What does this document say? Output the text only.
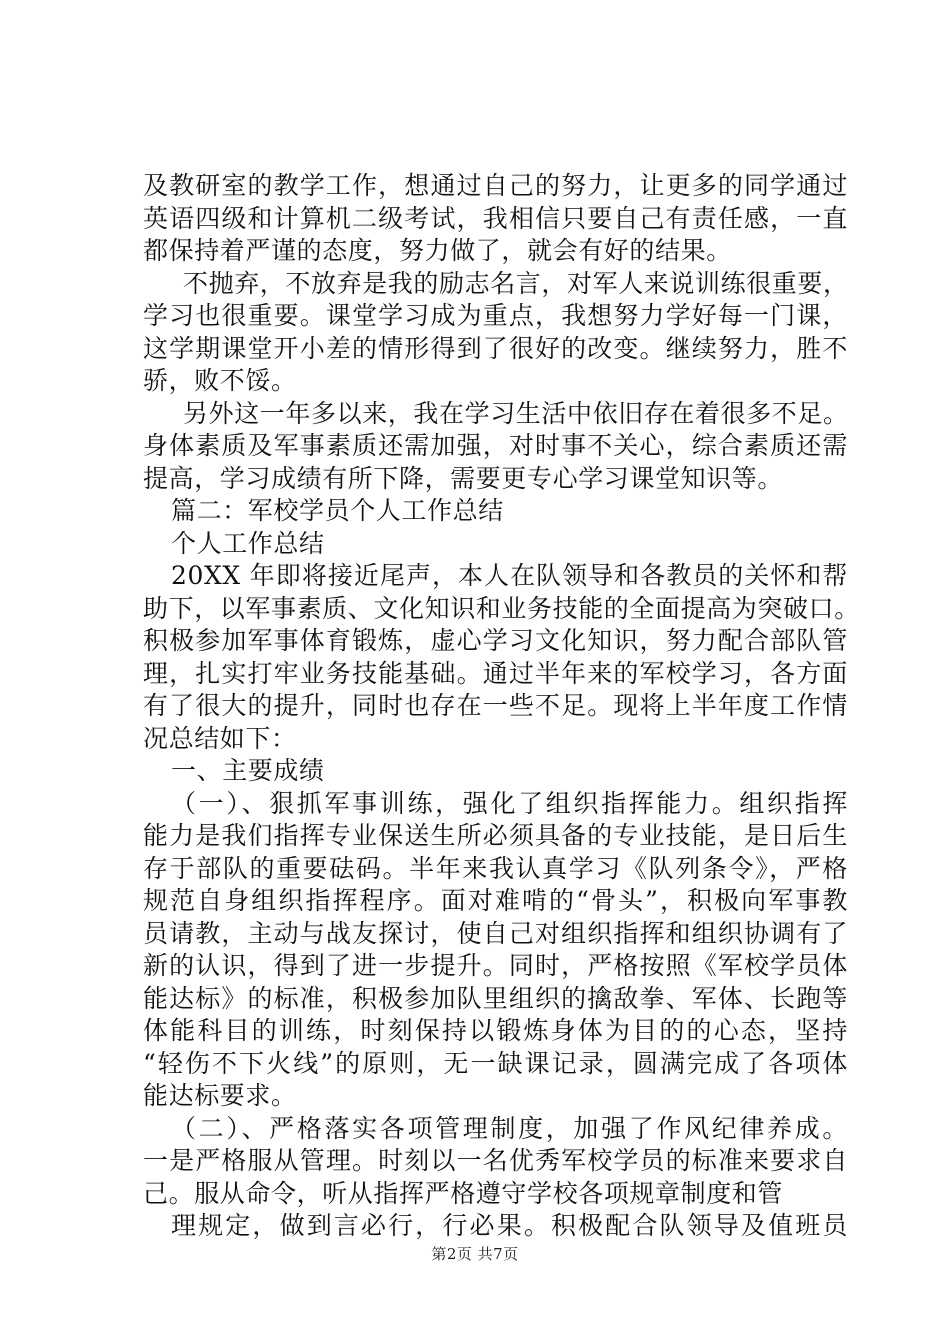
及教研室的教学工作，想通过自己的努力，让更多的同学通过
英语四级和计算机二级考试，我相信只要自己有责任感，一直
都保持着严谨的态度，努力做了，就会有好的结果。
不抛弃，不放弃是我的励志名言，对军人来说训练很重要，
学习也很重要。课堂学习成为重点，我想努力学好每一门课，
这学期课堂开小差的情形得到了很好的改变。继续努力，胜不
骄，败不馁。
另外这一年多以来，我在学习生活中依旧存在着很多不足。
身体素质及军事素质还需加强，对时事不关心，综合素质还需
提高，学习成绩有所下降，需要更专心学习课堂知识等。
篇二：军校学员个人工作总结
个人工作总结
20XX 年即将接近尾声，本人在队领导和各教员的关怀和帮
助下，以军事素质、文化知识和业务技能的全面提高为突破口。
积极参加军事体育锻炼，虚心学习文化知识，努力配合部队管
理，扎实打牢业务技能基础。通过半年来的军校学习，各方面
有了很大的提升，同时也存在一些不足。现将上半年度工作情
况总结如下：
一、主要成绩
（一）、狠抓军事训练，强化了组织指挥能力。组织指挥
能力是我们指挥专业保送生所必须具备的专业技能，是日后生
存于部队的重要砝码。半年来我认真学习《队列条令》，严格
规范自身组织指挥程序。面对难啃的“骨头”，积极向军事教
员请教，主动与战友探讨，使自己对组织指挥和组织协调有了
新的认识，得到了进一步提升。同时，严格按照《军校学员体
能达标》的标准，积极参加队里组织的擒敌拳、军体、长跑等
体能科目的训练，时刻保持以锻炼身体为目的的心态，坚持
“轻伤不下火线”的原则，无一缺课记录，圆满完成了各项体
能达标要求。
（二）、严格落实各项管理制度，加强了作风纪律养成。
一是严格服从管理。时刻以一名优秀军校学员的标准来要求自
己。服从命令，听从指挥严格遵守学校各项规章制度和管
理规定，做到言必行，行必果。积极配合队领导及值班员
第2页 共7页
